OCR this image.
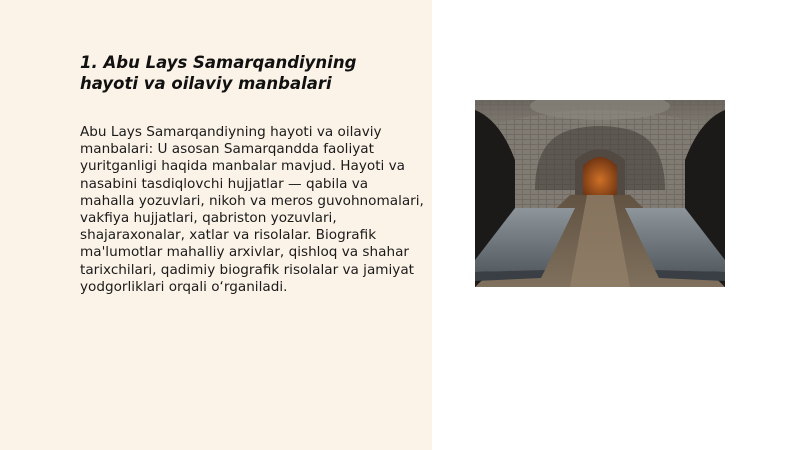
1. Abu Lays Samarqandiyning hayoti va oilaviy manbalari

Abu Lays Samarqandiyning hayoti va oilaviy manbalari: U asosan Samarqandda faoliyat yuritganligi haqida manbalar mavjud. Hayoti va nasabini tasdiqlovchi hujjatlar — qabila va mahalla yozuvlari, nikoh va meros guvohnomalari, vakfiya hujjatlari, qabriston yozuvlari, shajaraxonalar, xatlar va risolalar. Biografik ma'lumotlar mahalliy arxivlar, qishloq va shahar tarixchilari, qadimiy biografik risolalar va jamiyat yodgorliklari orqali o‘rganiladi.
